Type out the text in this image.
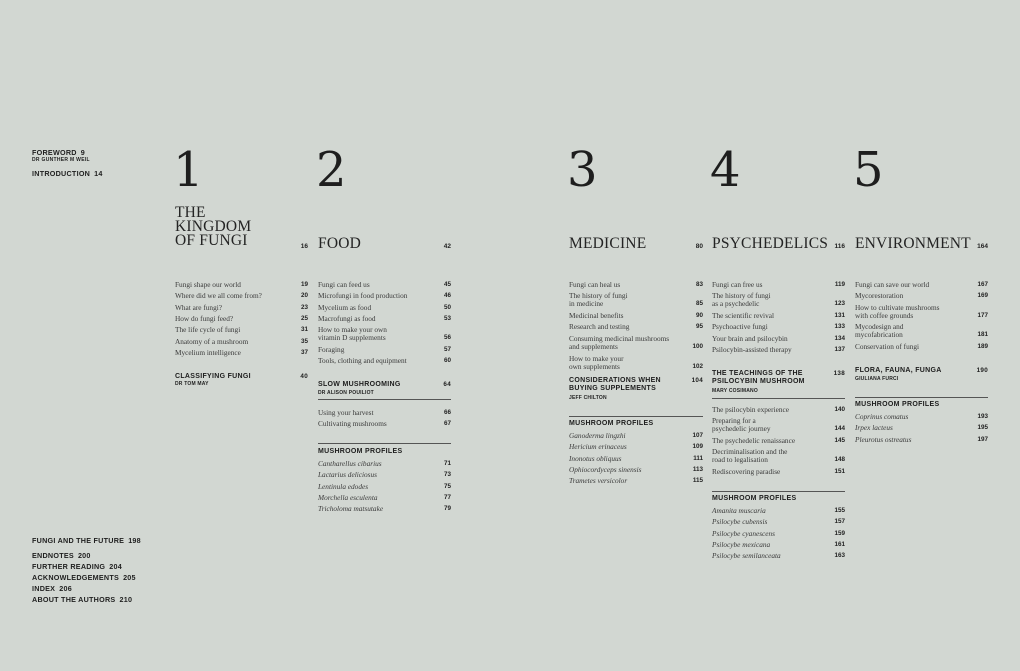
FOREWORD 9
DR GUNTHER M WEIL
INTRODUCTION 14
FUNGI AND THE FUTURE 198
ENDNOTES 200
FURTHER READING 204
ACKNOWLEDGEMENTS 205
INDEX 206
ABOUT THE AUTHORS 210
1
THE
KINGDOM
OF FUNGI	16
Fungi shape our world	19
Where did we all come from?	20
What are fungi?	23
How do fungi feed?	25
The life cycle of fungi	31
Anatomy of a mushroom	35
Mycelium intelligence	37
CLASSIFYING FUNGI	40
DR TOM MAY
2
FOOD	42
Fungi can feed us	45
Microfungi in food production	46
Mycelium as food	50
Macrofungi as food	53
How to make your own
vitamin D supplements	56
Foraging	57
Tools, clothing and equipment	60
SLOW MUSHROOMING	64
DR ALISON POUILIOT
Using your harvest	66
Cultivating mushrooms	67
MUSHROOM PROFILES
Cantharellus cibarius	71
Lactarius deliciosus	73
Lentinula edodes	75
Morchella esculenta	77
Tricholoma matsutake	79
3
MEDICINE	80
Fungi can heal us	83
The history of fungi
in medicine	85
Medicinal benefits	90
Research and testing	95
Consuming medicinal mushrooms
and supplements	100
How to make your
own supplements	102
CONSIDERATIONS WHEN
BUYING SUPPLEMENTS
104
JEFF CHILTON
MUSHROOM PROFILES
Ganoderma lingzhi	107
Hericium erinaceus	109
Inonotus obliquus	111
Ophiocordyceps sinensis	113
Trametes versicolor	115
4
PSYCHEDELICS 116
Fungi can free us	119
The history of fungi
as a psychedelic	123
The scientific revival	131
Psychoactive fungi	133
Your brain and psilocybin	134
Psilocybin-assisted therapy	137
THE TEACHINGS OF THE
PSILOCYBIN MUSHROOM
138
MARY COSIMANO
The psilocybin experience	140
Preparing for a
psychedelic journey	144
The psychedelic renaissance	145
Decriminalisation and the
road to legalisation	148
Rediscovering paradise	151
MUSHROOM PROFILES
Amanita muscaria	155
Psilocybe cubensis	157
Psilocybe cyanescens	159
Psilocybe mexicana	161
Psilocybe semilanceata	163
5
ENVIRONMENT 164
Fungi can save our world	167
Mycorestoration	169
How to cultivate mushrooms
with coffee grounds	177
Mycodesign and
mycofabrication	181
Conservation of fungi	189
FLORA, FAUNA, FUNGA	190
GIULIANA FURCI
MUSHROOM PROFILES
Coprinus comatus	193
Irpex lacteus	195
Pleurotus ostreatus	197
